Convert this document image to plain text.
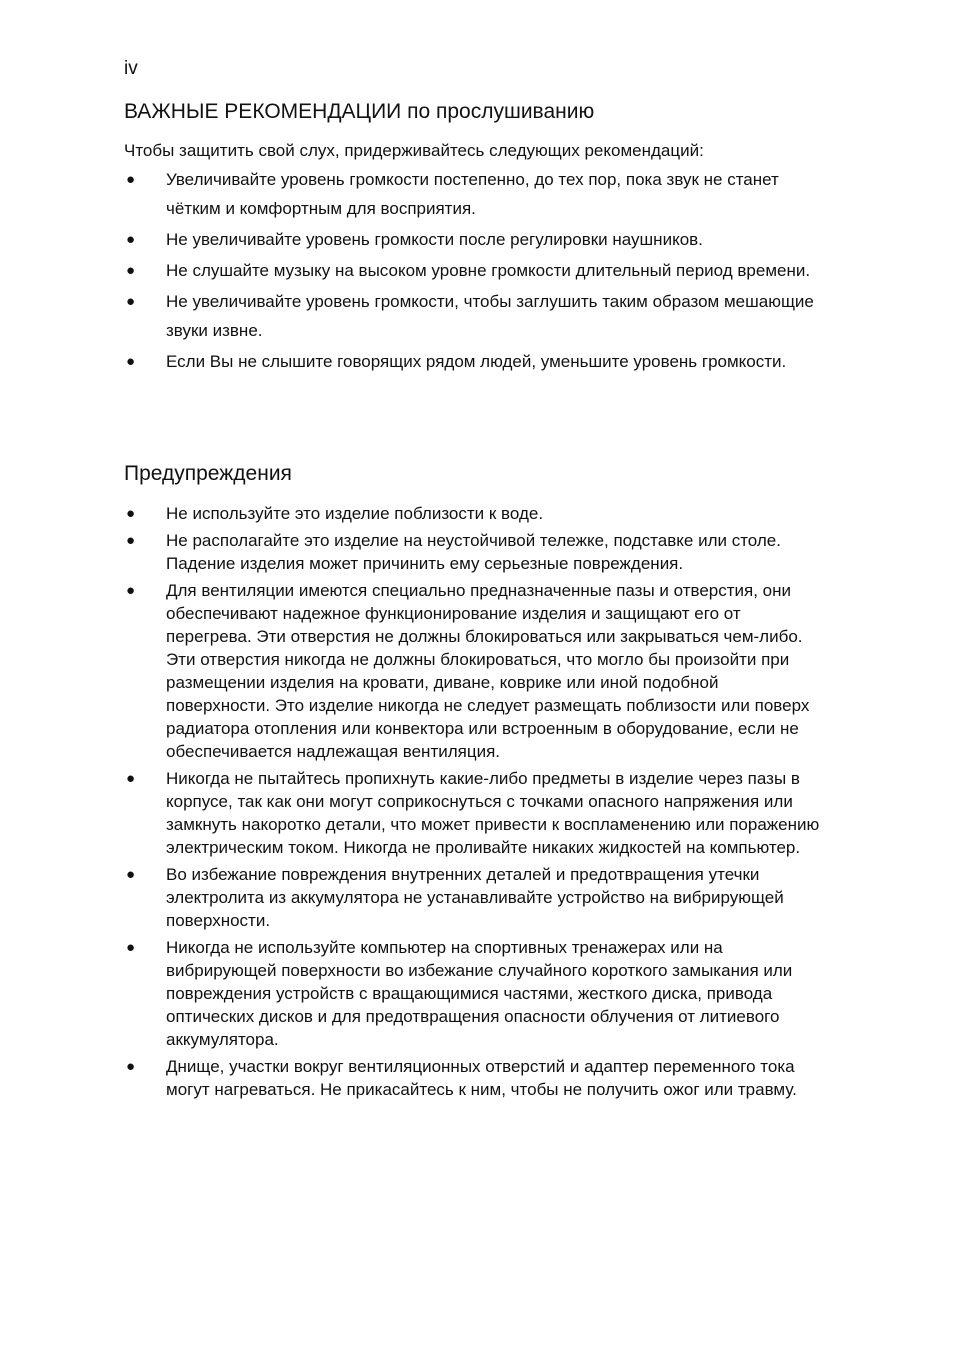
iv
ВАЖНЫЕ РЕКОМЕНДАЦИИ по прослушиванию

Чтобы защитить свой слух, придерживайтесь следующих рекомендаций:

● Увеличивайте уровень громкости постепенно, до тех пор, пока звук не станет чётким и комфортным для восприятия.
● Не увеличивайте уровень громкости после регулировки наушников.
● Не слушайте музыку на высоком уровне громкости длительный период времени.
● Не увеличивайте уровень громкости, чтобы заглушить таким образом мешающие звуки извне.
● Если Вы не слышите говорящих рядом людей, уменьшите уровень громкости.
Предупреждения
● Не используйте это изделие поблизости к воде.
● Не располагайте это изделие на неустойчивой тележке, подставке или столе. Падение изделия может причинить ему серьезные повреждения.
● Для вентиляции имеются специально предназначенные пазы и отверстия, они обеспечивают надежное функционирование изделия и защищают его от перегрева. Эти отверстия не должны блокироваться или закрываться чем-либо. Эти отверстия никогда не должны блокироваться, что могло бы произойти при размещении изделия на кровати, диване, коврике или иной подобной поверхности. Это изделие никогда не следует размещать поблизости или поверх радиатора отопления или конвектора или встроенным в оборудование, если не обеспечивается надлежащая вентиляция.
● Никогда не пытайтесь пропихнуть какие-либо предметы в изделие через пазы в корпусе, так как они могут соприкоснуться с точками опасного напряжения или замкнуть накоротко детали, что может привести к воспламенению или поражению электрическим током. Никогда не проливайте никаких жидкостей на компьютер.
● Во избежание повреждения внутренних деталей и предотвращения утечки электролита из аккумулятора не устанавливайте устройство на вибрирующей поверхности.
● Никогда не используйте компьютер на спортивных тренажерах или на вибрирующей поверхности во избежание случайного короткого замыкания или повреждения устройств с вращающимися частями, жесткого диска, привода оптических дисков и для предотвращения опасности облучения от литиевого аккумулятора.
● Днище, участки вокруг вентиляционных отверстий и адаптер переменного тока могут нагреваться. Не прикасайтесь к ним, чтобы не получить ожог или травму.
